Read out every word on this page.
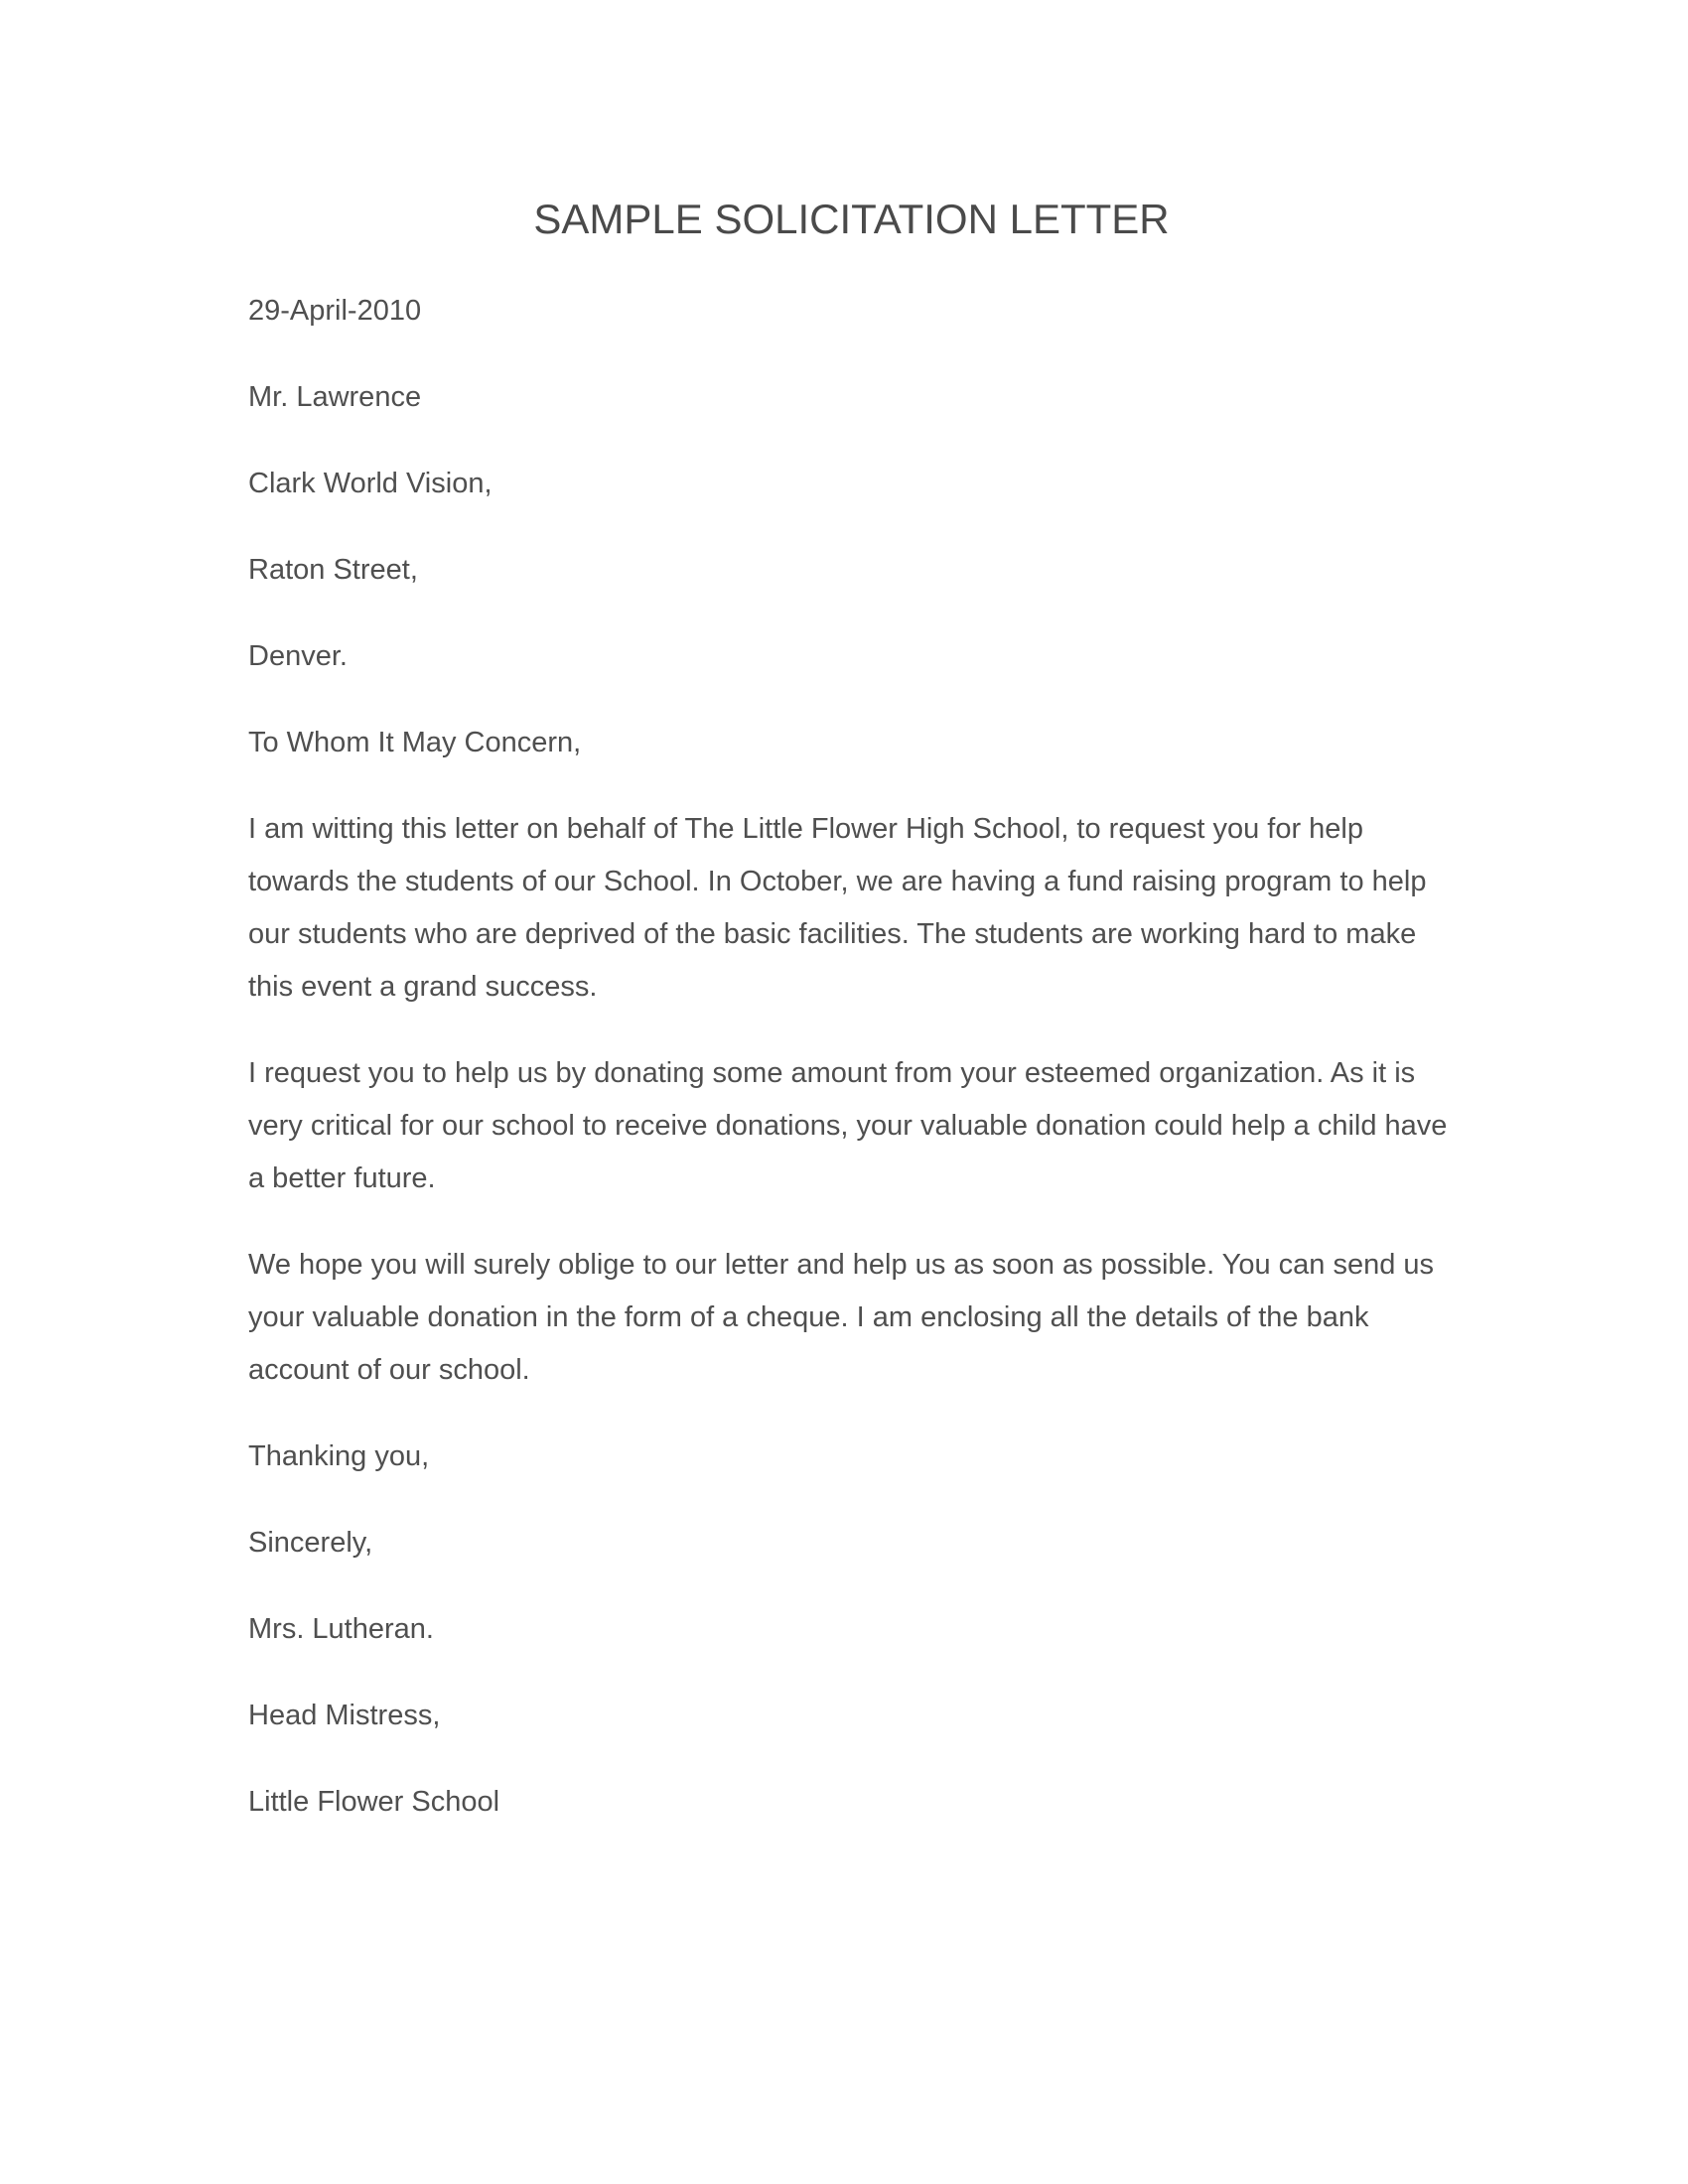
SAMPLE SOLICITATION LETTER

29-April-2010

Mr. Lawrence

Clark World Vision,

Raton Street,

Denver.

To Whom It May Concern,

I am witting this letter on behalf of The Little Flower High School, to request you for help towards the students of our School. In October, we are having a fund raising program to help our students who are deprived of the basic facilities. The students are working hard to make this event a grand success.

I request you to help us by donating some amount from your esteemed organization. As it is very critical for our school to receive donations, your valuable donation could help a child have a better future.

We hope you will surely oblige to our letter and help us as soon as possible. You can send us your valuable donation in the form of a cheque. I am enclosing all the details of the bank account of our school.

Thanking you,

Sincerely,

Mrs. Lutheran.

Head Mistress,

Little Flower School
